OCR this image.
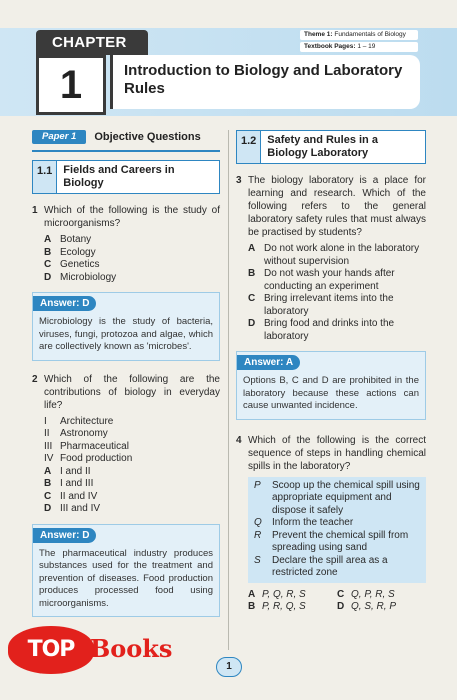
CHAPTER
1	Introduction to Biology and Laboratory Rules
Theme 1: Fundamentals of Biology
Textbook Pages: 1 – 19
Paper 1	Objective Questions
1.1	Fields and Careers in Biology
1 Which of the following is the study of microorganisms?
A Botany
B Ecology
C Genetics
D Microbiology
Answer: D
Microbiology is the study of bacteria, viruses, fungi, protozoa and algae, which are collectively known as 'microbes'.
2 Which of the following are the contributions of biology in everyday life?
I	Architecture
II	Astronomy
III Pharmaceutical
IV Food production
A I and II
B I and III
C II and IV
D III and IV
Answer: D
The pharmaceutical industry produces substances used for the treatment and prevention of diseases. Food production produces processed food using microorganisms.
1.2	Safety and Rules in a Biology Laboratory
3 The biology laboratory is a place for learning and research. Which of the following refers to the general laboratory safety rules that must always be practised by students?
A Do not work alone in the laboratory without supervision
B Do not wash your hands after conducting an experiment
C Bring irrelevant items into the laboratory
D Bring food and drinks into the laboratory
Answer: A
Options B, C and D are prohibited in the laboratory because these actions can cause unwanted incidence.
4 Which of the following is the correct sequence of steps in handling chemical spills in the laboratory?
P	Scoop up the chemical spill using appropriate equipment and dispose it safely
Q	Inform the teacher
R	Prevent the chemical spill from spreading using sand
S	Declare the spill area as a restricted zone
A P, Q, R, S	C Q, P, R, S
B P, R, Q, S	D Q, S, R, P
TOP Books
1
